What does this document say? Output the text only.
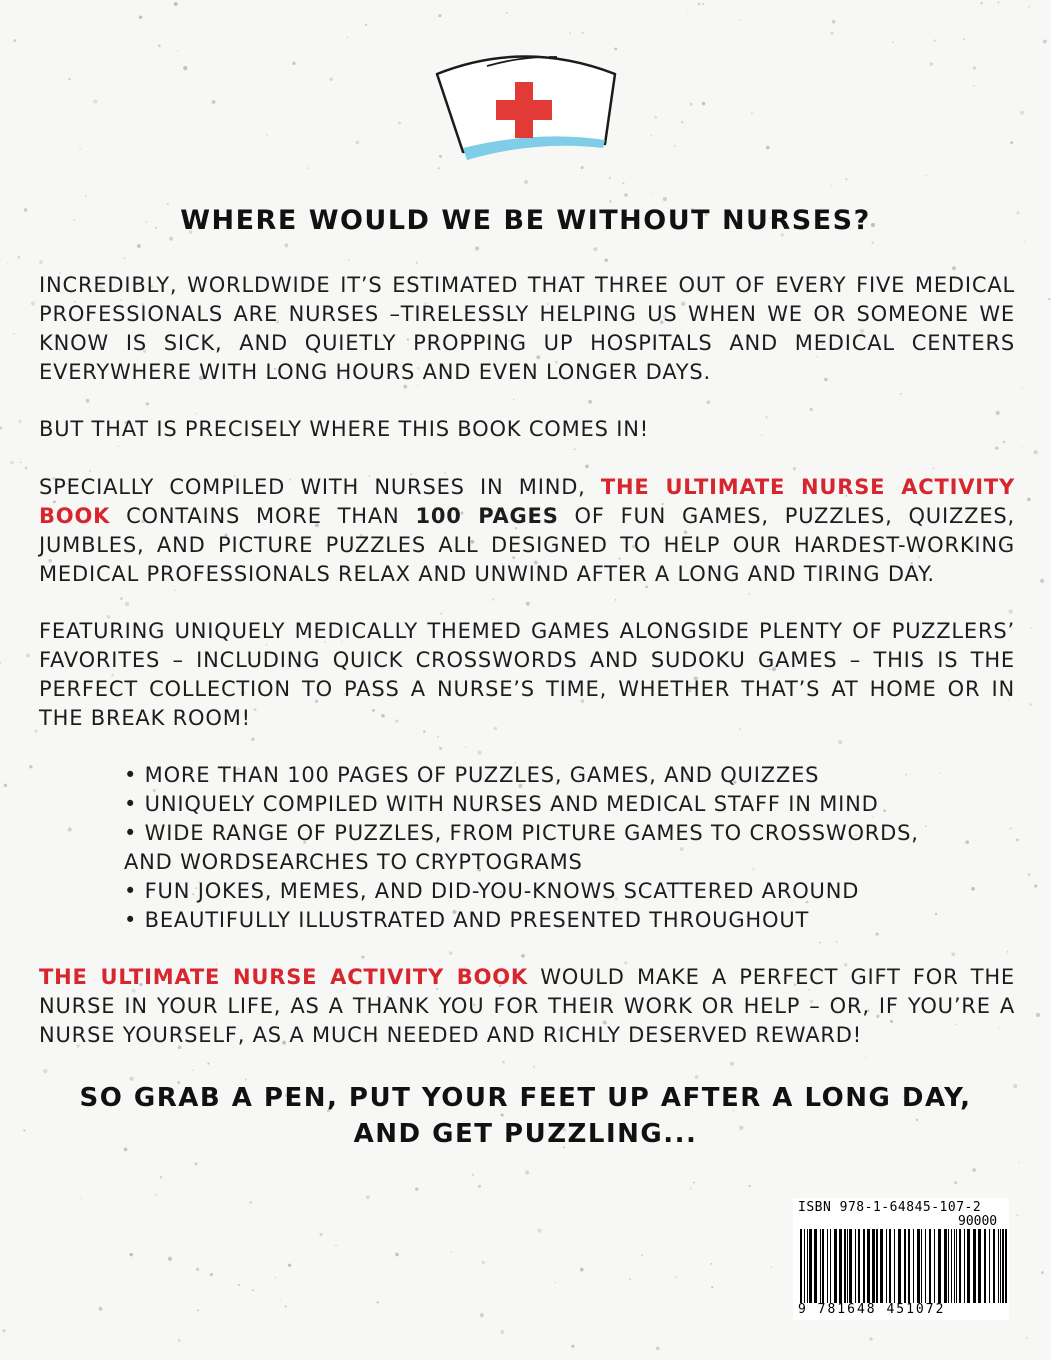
WHERE WOULD WE BE WITHOUT NURSES?
INCREDIBLY, WORLDWIDE IT’S ESTIMATED THAT THREE OUT OF EVERY FIVE MEDICAL PROFESSIONALS ARE NURSES –TIRELESSLY HELPING US WHEN WE OR SOMEONE WE KNOW IS SICK, AND QUIETLY PROPPING UP HOSPITALS AND MEDICAL CENTERS EVERYWHERE WITH LONG HOURS AND EVEN LONGER DAYS.
BUT THAT IS PRECISELY WHERE THIS BOOK COMES IN!
SPECIALLY COMPILED WITH NURSES IN MIND, THE ULTIMATE NURSE ACTIVITY BOOK CONTAINS MORE THAN 100 PAGES OF FUN GAMES, PUZZLES, QUIZZES, JUMBLES, AND PICTURE PUZZLES ALL DESIGNED TO HELP OUR HARDEST-WORKING MEDICAL PROFESSIONALS RELAX AND UNWIND AFTER A LONG AND TIRING DAY.
FEATURING UNIQUELY MEDICALLY THEMED GAMES ALONGSIDE PLENTY OF PUZZLERS’ FAVORITES – INCLUDING QUICK CROSSWORDS AND SUDOKU GAMES – THIS IS THE PERFECT COLLECTION TO PASS A NURSE’S TIME, WHETHER THAT’S AT HOME OR IN THE BREAK ROOM!
• MORE THAN 100 PAGES OF PUZZLES, GAMES, AND QUIZZES
• UNIQUELY COMPILED WITH NURSES AND MEDICAL STAFF IN MIND
• WIDE RANGE OF PUZZLES, FROM PICTURE GAMES TO CROSSWORDS,
AND WORDSEARCHES TO CRYPTOGRAMS
• FUN JOKES, MEMES, AND DID-YOU-KNOWS SCATTERED AROUND
• BEAUTIFULLY ILLUSTRATED AND PRESENTED THROUGHOUT
THE ULTIMATE NURSE ACTIVITY BOOK WOULD MAKE A PERFECT GIFT FOR THE NURSE IN YOUR LIFE, AS A THANK YOU FOR THEIR WORK OR HELP – OR, IF YOU’RE A NURSE YOURSELF, AS A MUCH NEEDED AND RICHLY DESERVED REWARD!
SO GRAB A PEN, PUT YOUR FEET UP AFTER A LONG DAY,
AND GET PUZZLING...
ISBN 978-1-64845-107-2
90000
9 781648 451072
